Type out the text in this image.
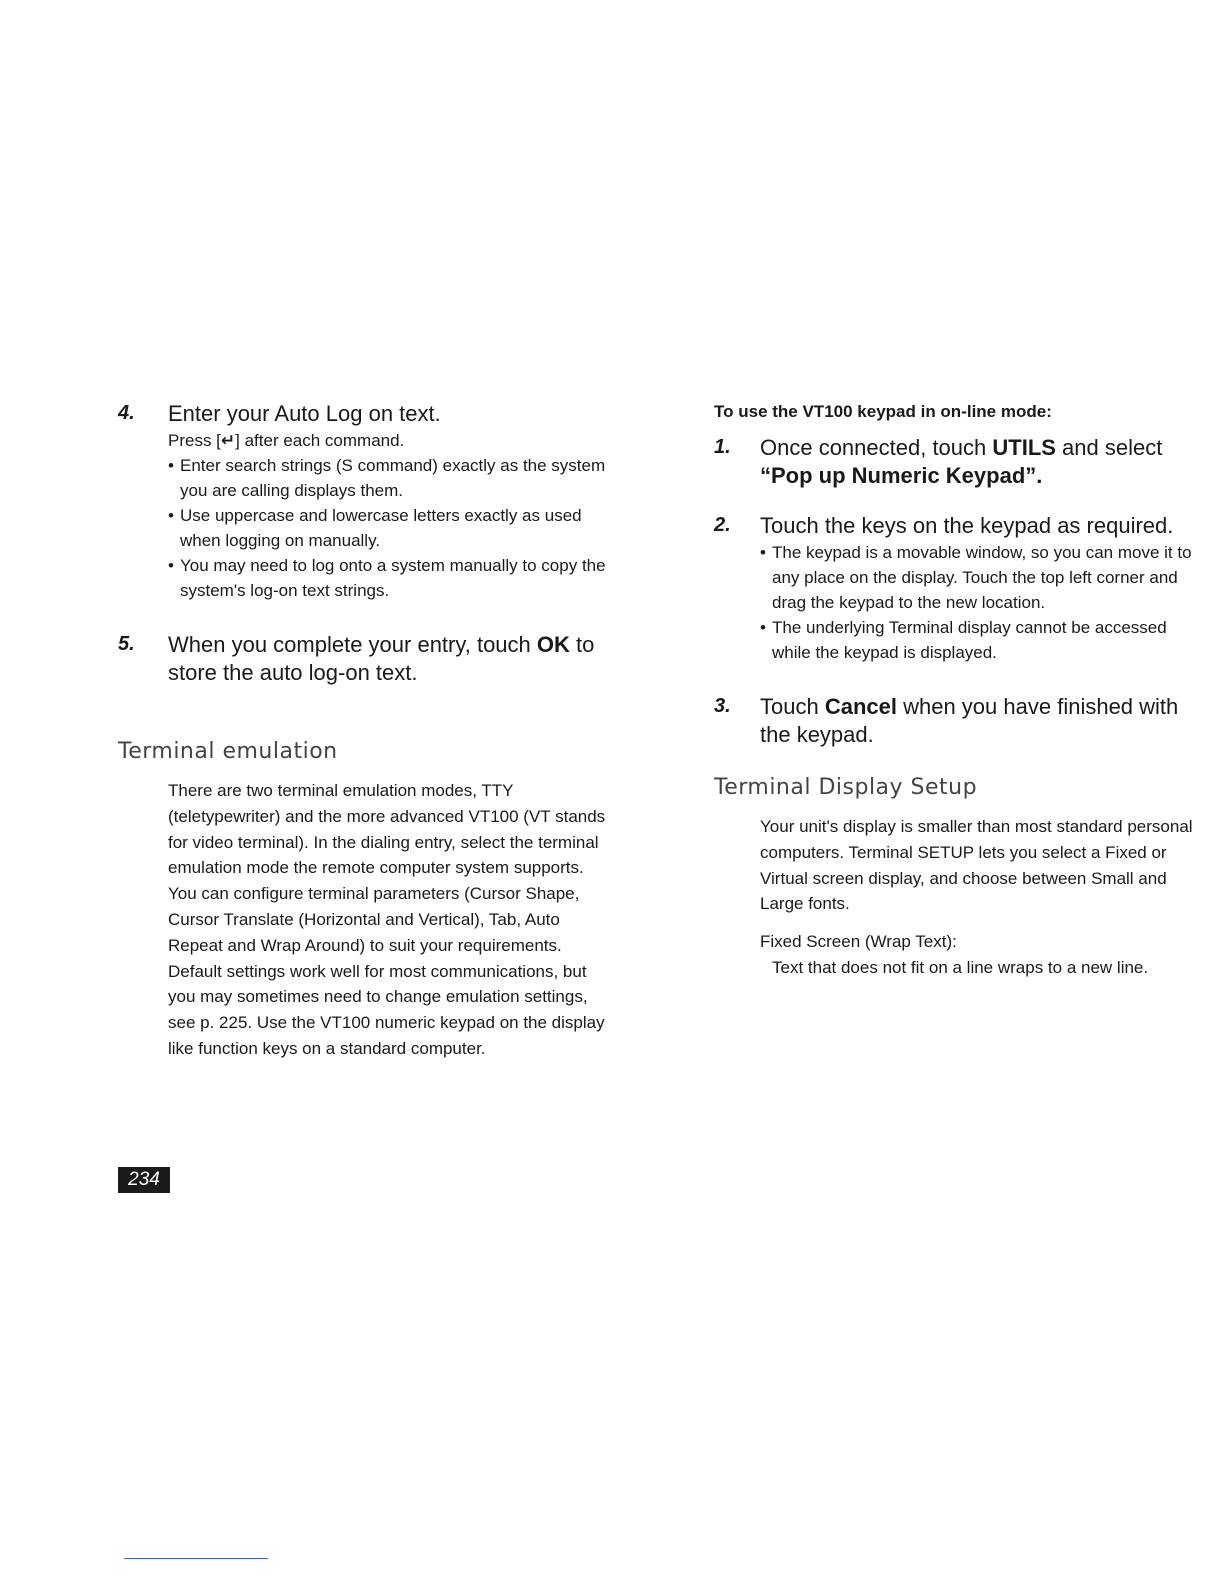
4.	Enter your Auto Log on text.
Press [↵] after each command.
• Enter search strings (S command) exactly as the system you are calling displays them.
• Use uppercase and lowercase letters exactly as used when logging on manually.
• You may need to log onto a system manually to copy the system's log-on text strings.
5.	When you complete your entry, touch OK to store the auto log-on text.
Terminal emulation
There are two terminal emulation modes, TTY (teletypewriter) and the more advanced VT100 (VT stands for video terminal). In the dialing entry, select the terminal emulation mode the remote computer system supports.
You can configure terminal parameters (Cursor Shape, Cursor Translate (Horizontal and Vertical), Tab, Auto Repeat and Wrap Around) to suit your requirements. Default settings work well for most communications, but you may sometimes need to change emulation settings, see p. 225. Use the VT100 numeric keypad on the display like function keys on a standard computer.
To use the VT100 keypad in on-line mode:
1.	Once connected, touch UTILS and select “Pop up Numeric Keypad”.
2.	Touch the keys on the keypad as required.
• The keypad is a movable window, so you can move it to any place on the display. Touch the top left corner and drag the keypad to the new location.
• The underlying Terminal display cannot be accessed while the keypad is displayed.
3.	Touch Cancel when you have finished with the keypad.
Terminal Display Setup
Your unit's display is smaller than most standard personal computers. Terminal SETUP lets you select a Fixed or Virtual screen display, and choose between Small and Large fonts.
Fixed Screen (Wrap Text):
Text that does not fit on a line wraps to a new line.
234
